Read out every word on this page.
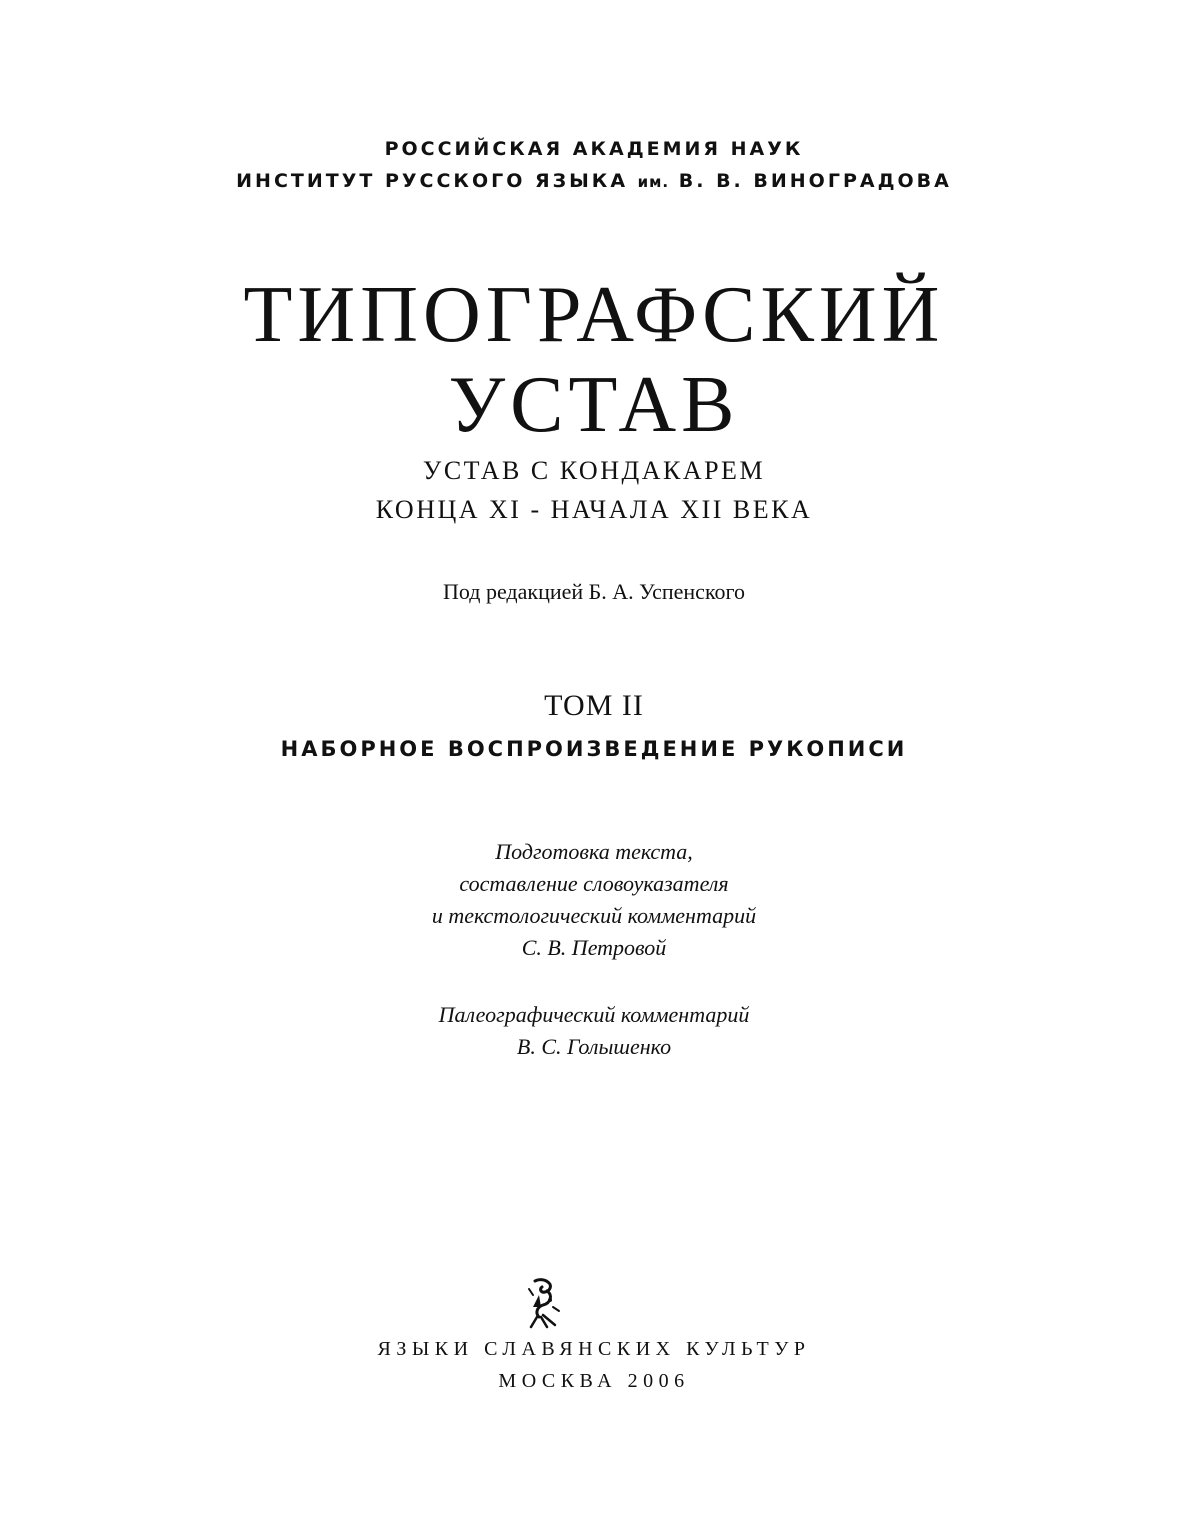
РОССИЙСКАЯ АКАДЕМИЯ НАУК
ИНСТИТУТ РУССКОГО ЯЗЫКА им. В. В. ВИНОГРАДОВА
ТИПОГРАФСКИЙ
УСТАВ
УСТАВ С КОНДАКАРЕМ
КОНЦА XI - НАЧАЛА XII ВЕКА
Под редакцией Б. А. Успенского
ТОМ II
НАБОРНОЕ ВОСПРОИЗВЕДЕНИЕ РУКОПИСИ
Подготовка текста,
составление словоуказателя
и текстологический комментарий
С. В. Петровой
Палеографический комментарий
В. С. Голышенко
ЯЗЫКИ СЛАВЯНСКИХ КУЛЬТУР
МОСКВА 2006
